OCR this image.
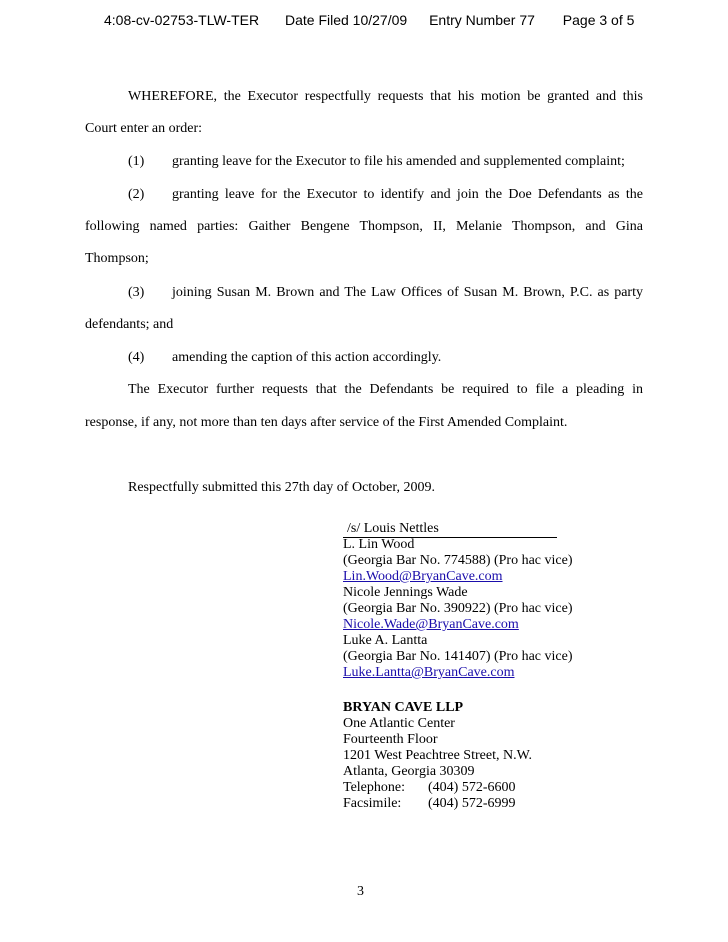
4:08-cv-02753-TLW-TER Date Filed 10/27/09 Entry Number 77 Page 3 of 5
WHEREFORE, the Executor respectfully requests that his motion be granted and this
Court enter an order:
(1) granting leave for the Executor to file his amended and supplemented complaint;
(2) granting leave for the Executor to identify and join the Doe Defendants as the
following named parties: Gaither Bengene Thompson, II, Melanie Thompson, and Gina
Thompson;
(3) joining Susan M. Brown and The Law Offices of Susan M. Brown, P.C. as party
defendants; and
(4) amending the caption of this action accordingly.
The Executor further requests that the Defendants be required to file a pleading in
response, if any, not more than ten days after service of the First Amended Complaint.
Respectfully submitted this 27th day of October, 2009.
/s/ Louis Nettles
L. Lin Wood
(Georgia Bar No. 774588) (Pro hac vice)
Lin.Wood@BryanCave.com
Nicole Jennings Wade
(Georgia Bar No. 390922) (Pro hac vice)
Nicole.Wade@BryanCave.com
Luke A. Lantta
(Georgia Bar No. 141407) (Pro hac vice)
Luke.Lantta@BryanCave.com
BRYAN CAVE LLP
One Atlantic Center
Fourteenth Floor
1201 West Peachtree Street, N.W.
Atlanta, Georgia 30309
Telephone: (404) 572-6600
Facsimile: (404) 572-6999
3
